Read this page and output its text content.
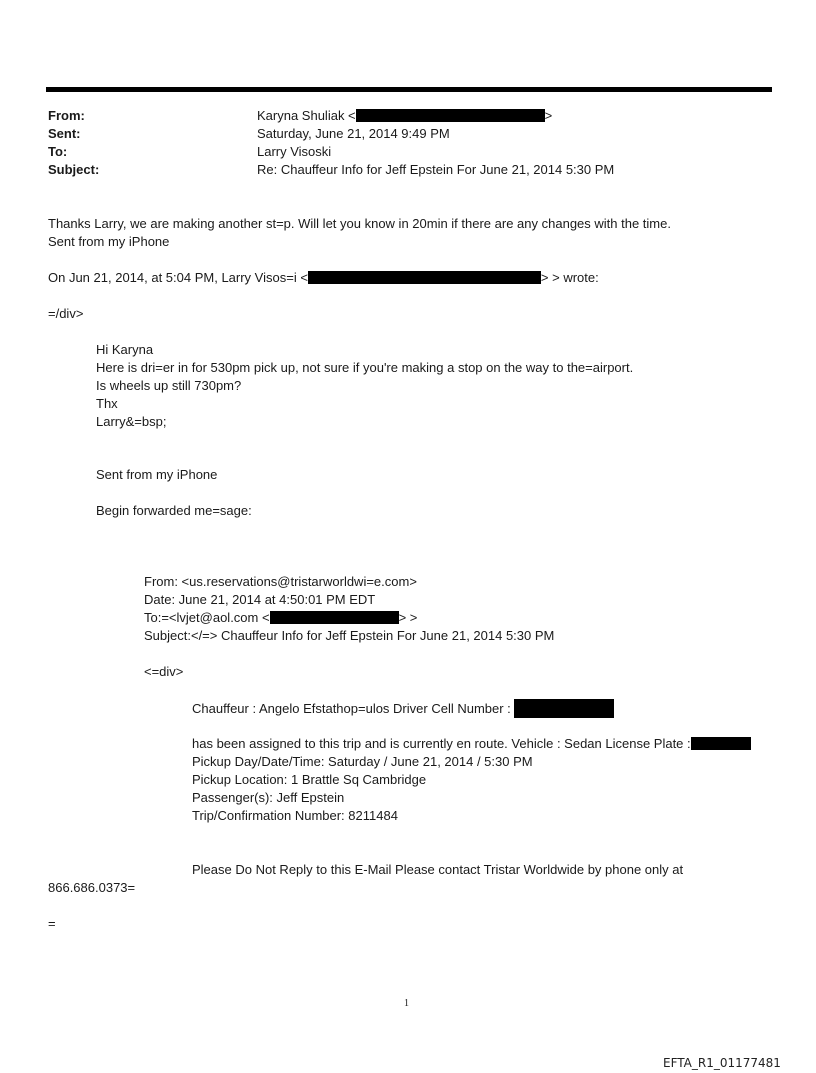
From:	Karyna Shuliak <	>
Sent:	Saturday, June 21, 2014 9:49 PM
To:	Larry Visoski
Subject:	Re: Chauffeur Info for Jeff Epstein For June 21, 2014 5:30 PM
Thanks Larry, we are making another st=p. Will let you know in 20min if there are any changes with the time.
Sent from my iPhone
On Jun 21, 2014, at 5:04 PM, Larry Visos=i <	> > wrote:
=/div>
Hi Karyna
Here is dri=er in for 530pm pick up, not sure if you're making a stop on the way to the=airport.
Is wheels up still 730pm?
Thx
Larry&=bsp;
Sent from my iPhone
Begin forwarded me=sage:
From: <us.reservations@tristarworldwi=e.com>
Date: June 21, 2014 at 4:50:01 PM EDT
To:=<lvjet@aol.com <	> >
Subject:</=> Chauffeur Info for Jeff Epstein For June 21, 2014 5:30 PM
<=div>
Chauffeur : Angelo Efstathop=ulos Driver Cell Number :
has been assigned to this trip and is currently en route. Vehicle : Sedan License Plate :
Pickup Day/Date/Time: Saturday / June 21, 2014 / 5:30 PM
Pickup Location: 1 Brattle Sq Cambridge
Passenger(s): Jeff Epstein
Trip/Confirmation Number: 8211484
Please Do Not Reply to this E-Mail Please contact Tristar Worldwide by phone only at
866.686.0373=
=
1
EFTA_R1_01177481
